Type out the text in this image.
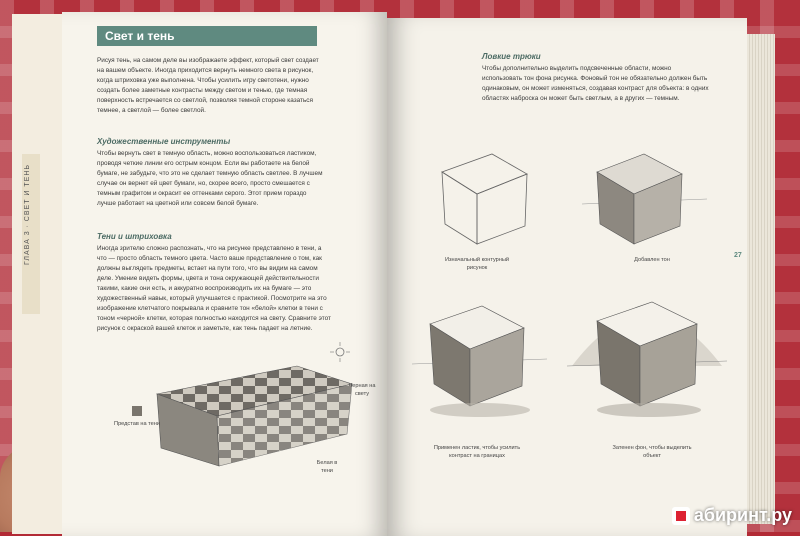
ГЛАВА 3 · СВЕТ И ТЕНЬ
Свет и тень
Рисуя тень, на самом деле вы изображаете эффект, который свет создает на вашем объекте. Иногда приходится вернуть немного света в рисунок, когда штриховка уже выполнена. Чтобы усилить игру светотени, нужно создать более заметные контрасты между светом и тенью, где темная поверхность встречается со светлой, позволяя темной стороне казаться темнее, а светлой — более светлой.
Художественные инструменты
Чтобы вернуть свет в темную область, можно воспользоваться ластиком, проводя четкие линии его острым концом. Если вы работаете на белой бумаге, не забудьте, что это не сделает темную область светлее. В лучшем случае он вернет ей цвет бумаги, но, скорее всего, просто смешается с темным графитом и окрасит ее оттенками серого. Этот прием гораздо лучше работает на цветной или совсем белой бумаге.
Тени и штриховка
Иногда зрителю сложно распознать, что на рисунке представлено в тени, а что — просто область темного цвета. Часто ваше представление о том, как должны выглядеть предметы, встает на пути того, что вы видим на самом деле. Умение видеть формы, цвета и тона окружающей действительности такими, какие они есть, и аккуратно воспроизводить их на бумаге — это художественный навык, который улучшается с практикой. Посмотрите на это изображение клетчатого покрывала и сравните тон «белой» клетки в тени с тоном «черной» клетки, которая полностью находится на свету. Сравните этот рисунок с окраской вашей клеток и заметьте, как тень падает на летние.
Черная на свету
Белая в тени
Представ на тени
Ловкие трюки
Чтобы дополнительно выделить подсвеченные области, можно использовать тон фона рисунка. Фоновый тон не обязательно должен быть одинаковым, он может изменяться, создавая контраст для объекта: в одних областях наброска он может быть светлым, а в других — темным.
Изначальный контурный рисунок
Добавлен тон
27
Применен ластик, чтобы усилить контраст на границах
Затенен фон, чтобы выделить объект
абиринт.ру
